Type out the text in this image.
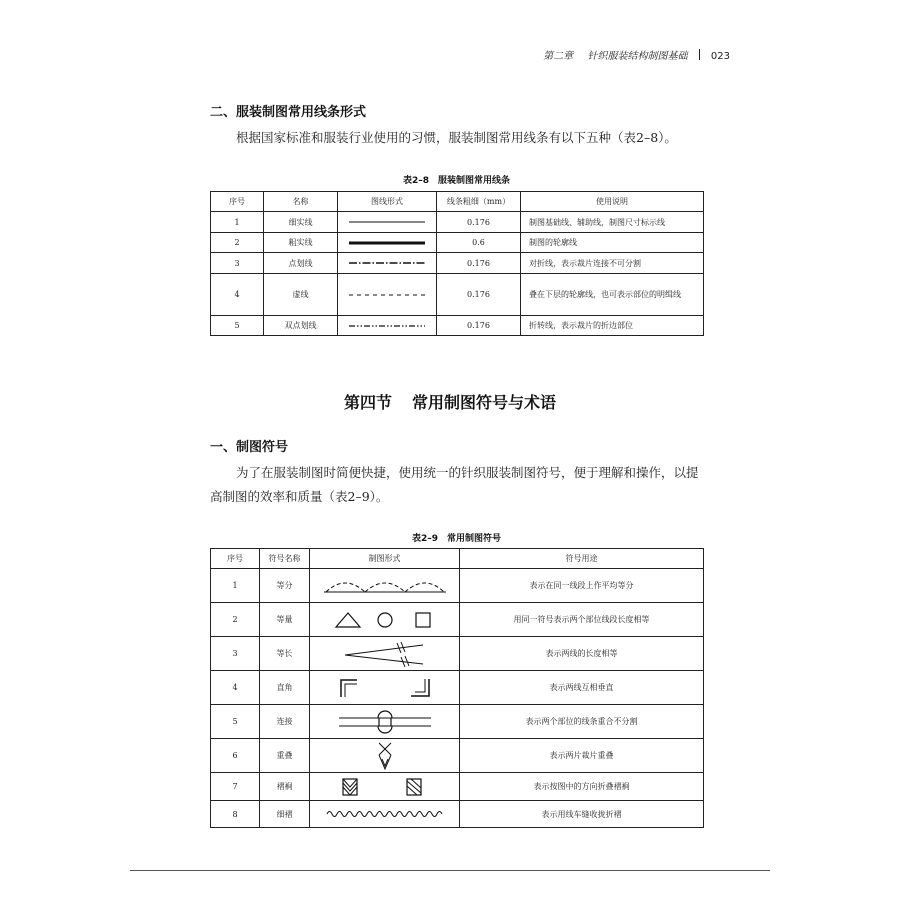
第二章 针织服装结构制图基础 023
二、服装制图常用线条形式
根据国家标准和服装行业使用的习惯，服装制图常用线条有以下五种（表2–8）。
表2–8　服装制图常用线条
序号	名称	图线形式	线条粗细（mm）	使用说明
1	细实线		0.176	制图基础线、辅助线，制图尺寸标示线
2	粗实线		0.6	制图的轮廓线
3	点划线		0.176	对折线，表示裁片连接不可分割
4	虚线		0.176	叠在下层的轮廓线，也可表示部位的明缉线
5	双点划线		0.176	折转线，表示裁片的折边部位
第四节 常用制图符号与术语
一、制图符号
为了在服装制图时简便快捷，使用统一的针织服装制图符号，便于理解和操作，以提
高制图的效率和质量（表2–9）。
表2–9　常用制图符号
序号	符号名称	制图形式	符号用途
1	等分		表示在同一线段上作平均等分
2	等量		用同一符号表示两个部位线段长度相等
3	等长		表示两线的长度相等
4	直角		表示两线互相垂直
5	连接		表示两个部位的线条重合不分割
6	重叠		表示两片裁片重叠
7	褶裥		表示按图中的方向折叠褶裥
8	细褶		表示用线车缝收拢折褶
